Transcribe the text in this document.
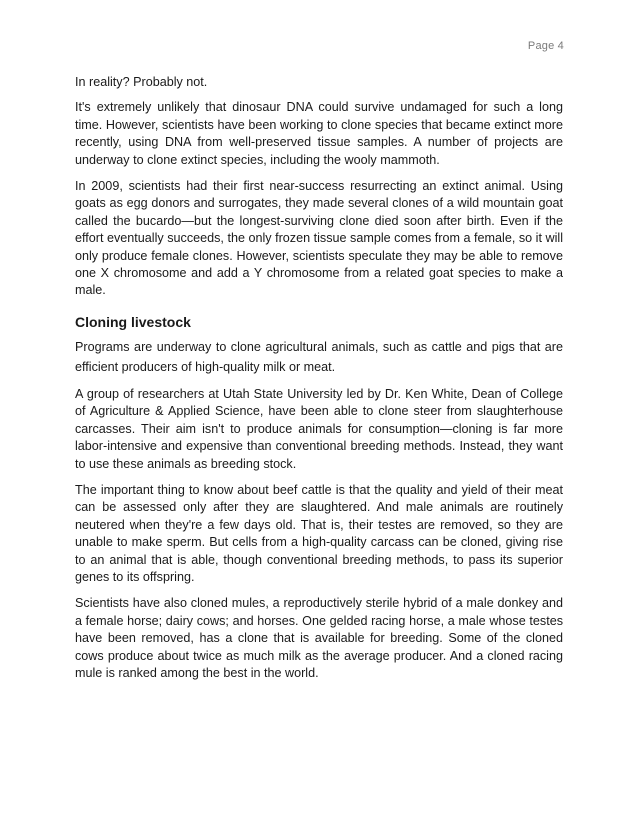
Page 4

In reality? Probably not.

It's extremely unlikely that dinosaur DNA could survive undamaged for such a long time. However, scientists have been working to clone species that became extinct more recently, using DNA from well-preserved tissue samples. A number of projects are underway to clone extinct species, including the wooly mammoth.

In 2009, scientists had their first near-success resurrecting an extinct animal. Using goats as egg donors and surrogates, they made several clones of a wild mountain goat called the bucardo—but the longest-surviving clone died soon after birth. Even if the effort eventually succeeds, the only frozen tissue sample comes from a female, so it will only produce female clones. However, scientists speculate they may be able to remove one X chromosome and add a Y chromosome from a related goat species to make a male.

Cloning livestock

Programs are underway to clone agricultural animals, such as cattle and pigs that are efficient producers of high-quality milk or meat.

A group of researchers at Utah State University led by Dr. Ken White, Dean of College of Agriculture & Applied Science, have been able to clone steer from slaughterhouse carcasses. Their aim isn't to produce animals for consumption—cloning is far more labor-intensive and expensive than conventional breeding methods. Instead, they want to use these animals as breeding stock.

The important thing to know about beef cattle is that the quality and yield of their meat can be assessed only after they are slaughtered. And male animals are routinely neutered when they're a few days old. That is, their testes are removed, so they are unable to make sperm. But cells from a high-quality carcass can be cloned, giving rise to an animal that is able, though conventional breeding methods, to pass its superior genes to its offspring.

Scientists have also cloned mules, a reproductively sterile hybrid of a male donkey and a female horse; dairy cows; and horses. One gelded racing horse, a male whose testes have been removed, has a clone that is available for breeding. Some of the cloned cows produce about twice as much milk as the average producer. And a cloned racing mule is ranked among the best in the world.
